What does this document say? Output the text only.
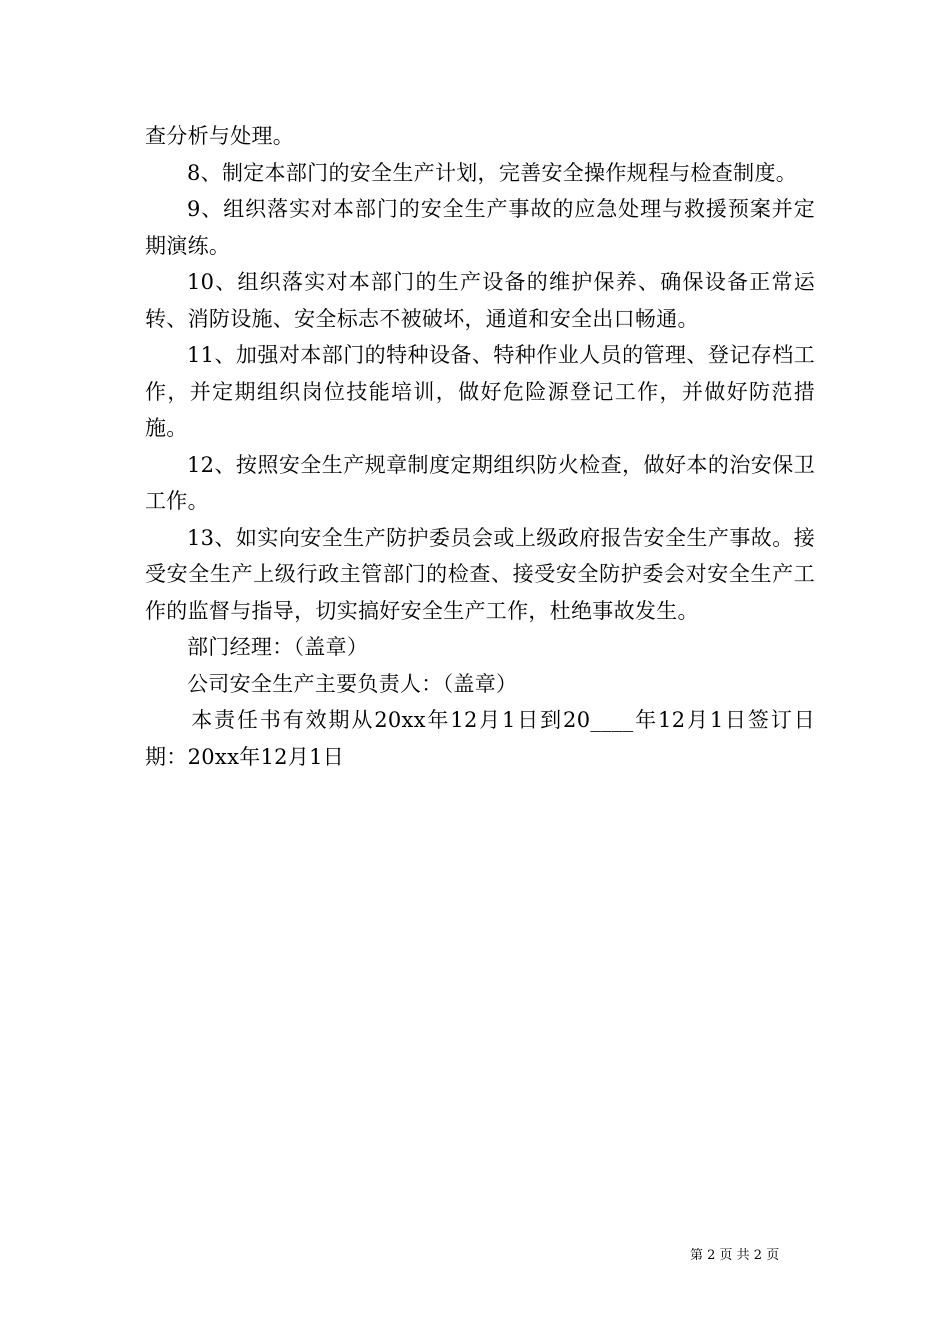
查分析与处理。

8、制定本部门的安全生产计划，完善安全操作规程与检查制度。

9、组织落实对本部门的安全生产事故的应急处理与救援预案并定期演练。

10、组织落实对本部门的生产设备的维护保养、确保设备正常运转、消防设施、安全标志不被破坏，通道和安全出口畅通。

11、加强对本部门的特种设备、特种作业人员的管理、登记存档工作，并定期组织岗位技能培训，做好危险源登记工作，并做好防范措施。

12、按照安全生产规章制度定期组织防火检查，做好本的治安保卫工作。

13、如实向安全生产防护委员会或上级政府报告安全生产事故。接受安全生产上级行政主管部门的检查、接受安全防护委会对安全生产工作的监督与指导，切实搞好安全生产工作，杜绝事故发生。

部门经理：（盖章）

公司安全生产主要负责人：（盖章）

本责任书有效期从20xx年12月1日到20____年12月1日签订日期：20xx年12月1日

第 2 页 共 2 页
